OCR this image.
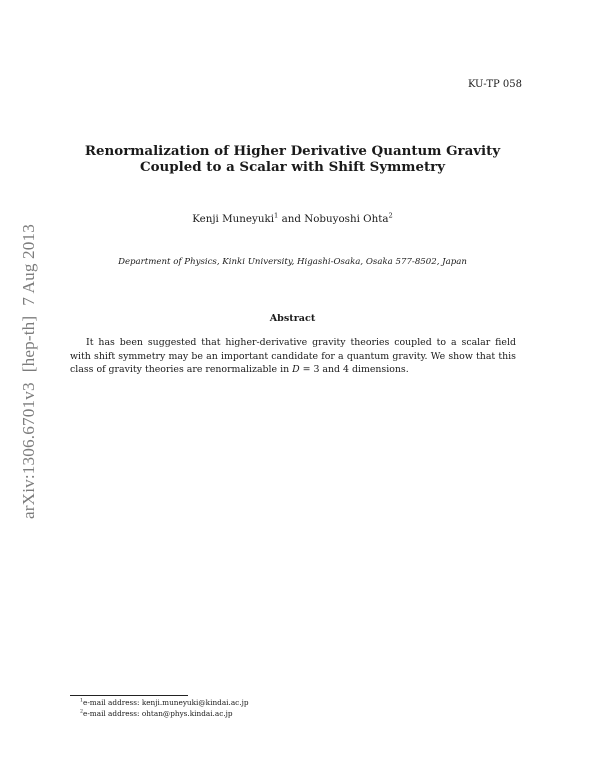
KU-TP 058
Renormalization of Higher Derivative Quantum Gravity
Coupled to a Scalar with Shift Symmetry
Kenji Muneyuki$^1$ and Nobuyoshi Ohta$^2$
Department of Physics, Kinki University, Higashi-Osaka, Osaka 577-8502, Japan
Abstract
It has been suggested that higher-derivative gravity theories coupled to a scalar field with shift symmetry may be an important candidate for a quantum gravity. We show that this class of gravity theories are renormalizable in D = 3 and 4 dimensions.
arXiv:1306.6701v3[hep-th]7 Aug 2013
$^1$e-mail address: kenji.muneyuki@kindai.ac.jp
$^2$e-mail address: ohtan@phys.kindai.ac.jp
